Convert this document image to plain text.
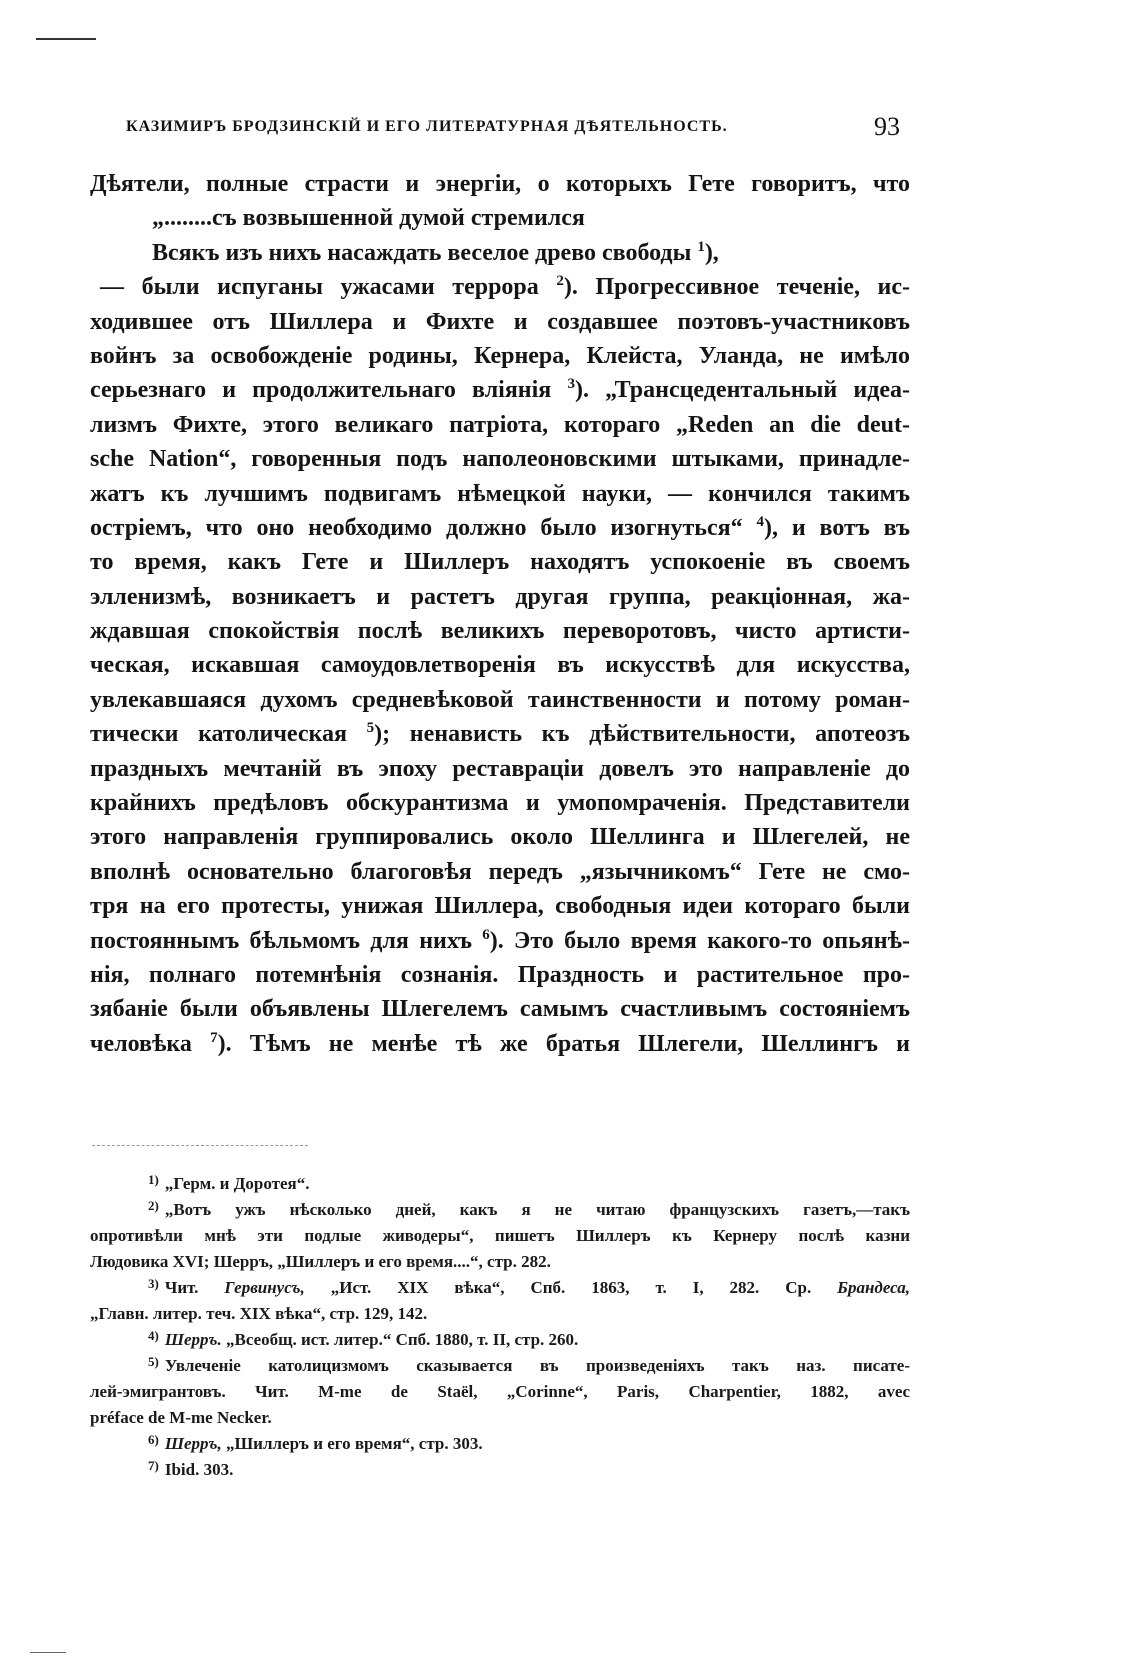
КАЗИМИРЪ БРОДЗИНСКІЙ И ЕГО ЛИТЕРАТУРНАЯ ДѢЯТЕЛЬНОСТЬ.	93
Дѣятели, полные страсти и энергіи, о которыхъ Гете говоритъ, что
„........съ возвышенной думой стремился
Всякъ изъ нихъ насаждать веселое древо свободы $^1$),
— были испуганы ужасами террора $^2$). Прогрессивное теченіе, ис-
ходившее отъ Шиллера и Фихте и создавшее поэтовъ-участниковъ
войнъ за освобожденіе родины, Кернера, Клейста, Уланда, не имѣло
серьезнаго и продолжительнаго вліянія $^3$). „Трансцедентальный идеа-
лизмъ Фихте, этого великаго патріота, котораго „Reden an die deut-
sche Nation“, говоренныя подъ наполеоновскими штыками, принадле-
жатъ къ лучшимъ подвигамъ нѣмецкой науки, — кончился такимъ
остріемъ, что оно необходимо должно было изогнуться“ $^4$), и вотъ въ
то время, какъ Гете и Шиллеръ находятъ успокоеніе въ своемъ
элленизмѣ, возникаетъ и растетъ другая группа, реакціонная, жа-
ждавшая спокойствія послѣ великихъ переворотовъ, чисто артисти-
ческая, искавшая самоудовлетворенія въ искусствѣ для искусства,
увлекавшаяся духомъ средневѣковой таинственности и потому роман-
тически католическая $^5$); ненависть къ дѣйствительности, апотеозъ
праздныхъ мечтаній въ эпоху реставраціи довелъ это направленіе до
крайнихъ предѣловъ обскурантизма и умопомраченія. Представители
этого направленія группировались около Шеллинга и Шлегелей, не
вполнѣ основательно благоговѣя передъ „язычникомъ“ Гете не смо-
тря на его протесты, унижая Шиллера, свободныя идеи котораго были
постояннымъ бѣльмомъ для нихъ $^6$). Это было время какого-то опьянѣ-
нія, полнаго потемнѣнія сознанія. Праздность и растительное про-
зябаніе были объявлены Шлегелемъ самымъ счастливымъ состояніемъ
человѣка $^7$). Тѣмъ не менѣе тѣ же братья Шлегели, Шеллингъ и
$^{1)}$ „Герм. и Доротея“.
$^{2)}$ „Вотъ ужъ нѣсколько дней, какъ я не читаю французскихъ газетъ,—такъ
опротивѣли мнѣ эти подлые живодеры“, пишетъ Шиллеръ къ Кернеру послѣ казни
Людовика XVI; Шерръ, „Шиллеръ и его время....“, стр. 282.
$^{3)}$ Чит. Гервинусъ, „Ист. XIX вѣка“, Спб. 1863, т. I, 282. Ср. Брандеса,
„Главн. литер. теч. XIX вѣка“, стр. 129, 142.
$^{4)}$ Шерръ. „Всеобщ. ист. литер.“ Спб. 1880, т. II, стр. 260.
$^{5)}$ Увлеченіе католицизмомъ сказывается въ произведеніяхъ такъ наз. писате-
лей-эмигрантовъ. Чит. M-me de Staël, „Corinne“, Paris, Charpentier, 1882, avec
préface de M-me Necker.
$^{6)}$ Шерръ, „Шиллеръ и его время“, стр. 303.
$^{7)}$ Ibid. 303.
